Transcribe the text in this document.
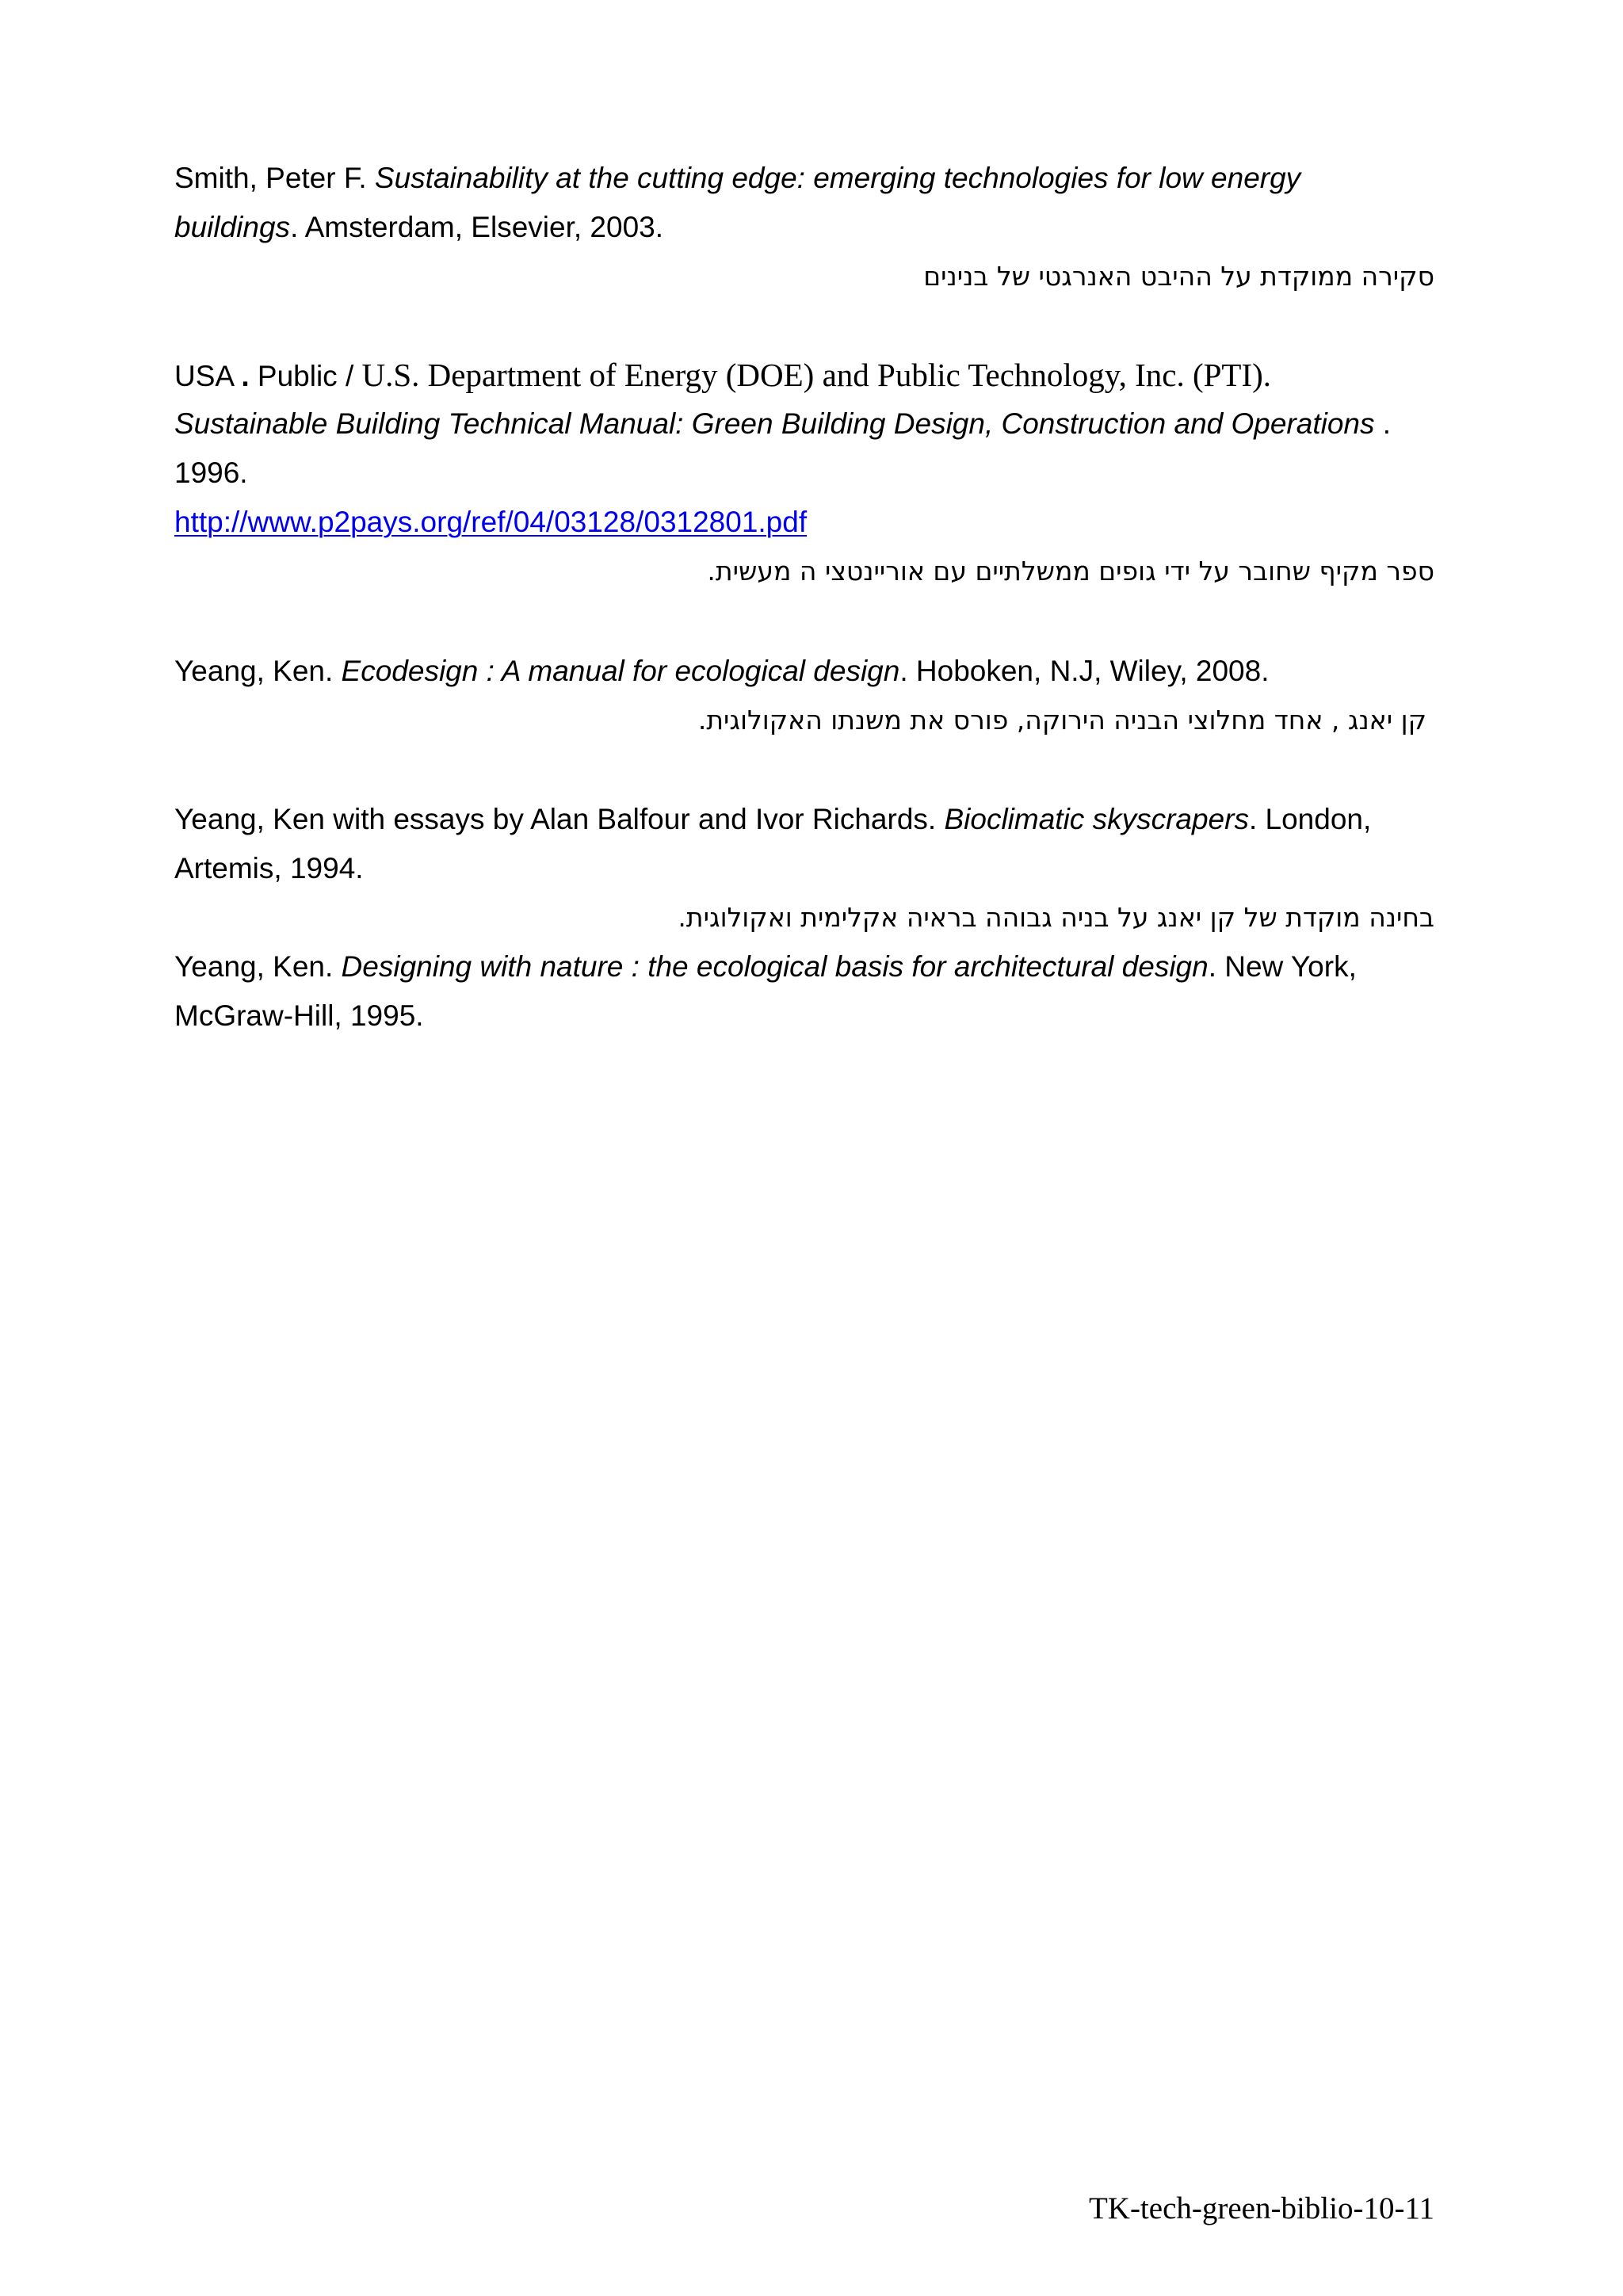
Smith, Peter F. Sustainability at the cutting edge: emerging technologies for low energy
buildings. Amsterdam, Elsevier, 2003.
סקירה ממוקדת על ההיבט האנרגטי של בנינים
USA . Public / U.S. Department of Energy (DOE) and Public Technology, Inc. (PTI).
Sustainable Building Technical Manual: Green Building Design, Construction and Operations .
1996.
http://www.p2pays.org/ref/04/03128/0312801.pdf
ספר מקיף שחובר על ידי גופים ממשלתיים עם אוריינטצי ה מעשית.
Yeang, Ken. Ecodesign : A manual for ecological design. Hoboken, N.J, Wiley, 2008.
קן יאנג , אחד מחלוצי הבניה הירוקה, פורס את משנתו האקולוגית.
Yeang, Ken with essays by Alan Balfour and Ivor Richards. Bioclimatic skyscrapers. London,
Artemis, 1994.
בחינה מוקדת של קן יאנג על בניה גבוהה בראיה אקלימית ואקולוגית.
Yeang, Ken. Designing with nature : the ecological basis for architectural design. New York,
McGraw-Hill, 1995.
TK-tech-green-biblio-10-11
